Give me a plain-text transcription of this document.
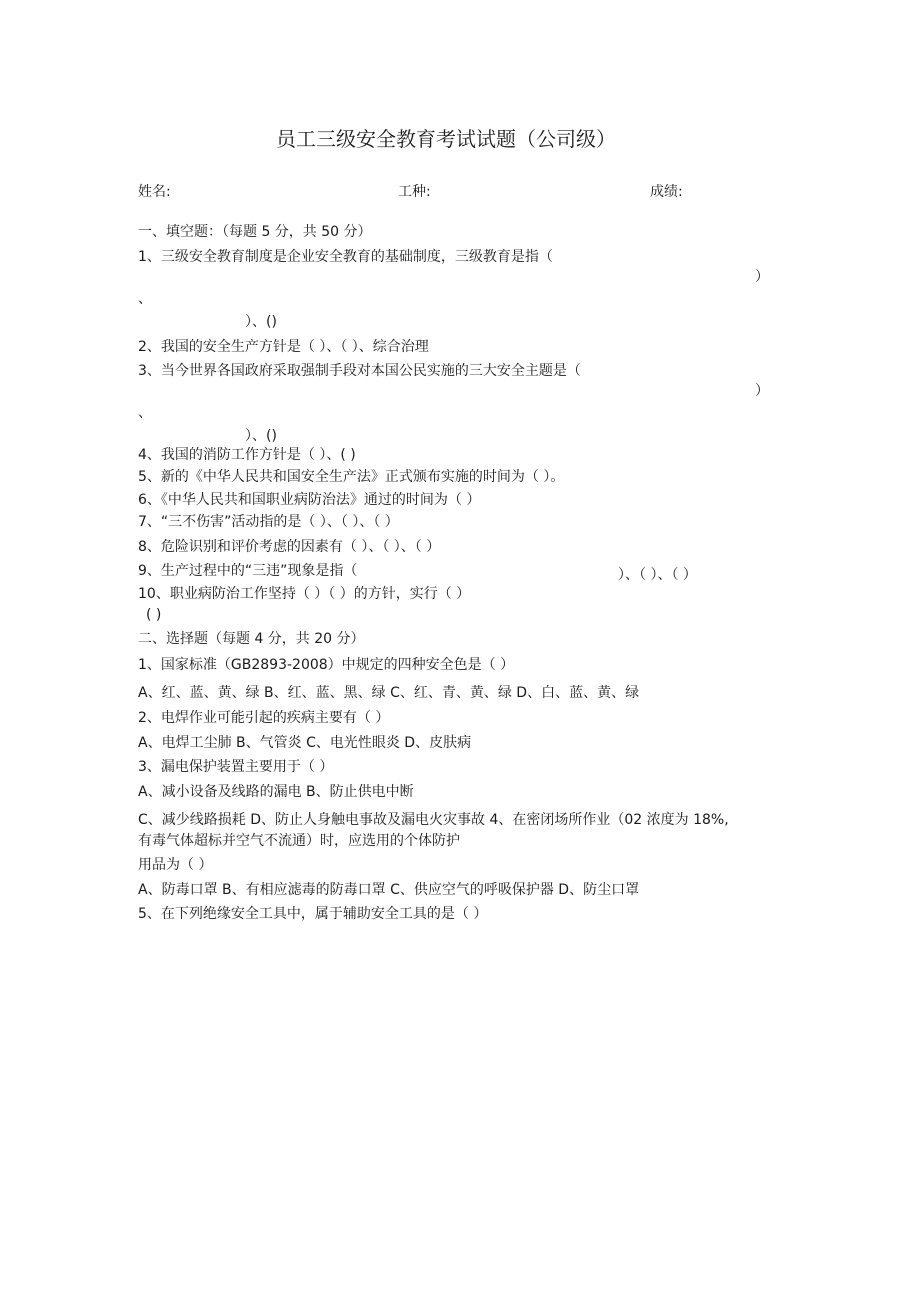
员工三级安全教育考试试题（公司级）
姓名:	工种:	成绩:
一、填空题：（每题 5 分，共 50 分）
1、三级安全教育制度是企业安全教育的基础制度，三级教育是指（
）
、
）、()
2、我国的安全生产方针是（ ）、（ ）、综合治理
3、当今世界各国政府采取强制手段对本国公民实施的三大安全主题是（
）
、
）、()
4、我国的消防工作方针是（ ）、( )
5、新的《中华人民共和国安全生产法》正式颁布实施的时间为（ ）。
6、《中华人民共和国职业病防治法》通过的时间为（ ）
7、“三不伤害”活动指的是（ ）、（ ）、（ ）
8、危险识别和评价考虑的因素有（ ）、（ ）、（ ）
9、生产过程中的“三违”现象是指（	）、（ ）、（ ）
10、职业病防治工作坚持（ ）（ ）的方针，实行（ ）
( )
二、选择题（每题 4 分，共 20 分）
1、国家标准（GB2893-2008）中规定的四种安全色是（ ）
A、红、蓝、黄、绿 B、红、蓝、黑、绿 C、红、青、黄、绿 D、白、蓝、黄、绿
2、电焊作业可能引起的疾病主要有（ ）
A、电焊工尘肺 B、气管炎 C、电光性眼炎 D、皮肤病
3、漏电保护装置主要用于（ ）
A、减小设备及线路的漏电 B、防止供电中断
C、减少线路损耗 D、防止人身触电事故及漏电火灾事故 4、在密闭场所作业（02 浓度为 18%,
有毒气体超标并空气不流通）时，应选用的个体防护
用品为（ ）
A、防毒口罩 B、有相应滤毒的防毒口罩 C、供应空气的呼吸保护器 D、防尘口罩
5、在下列绝缘安全工具中，属于辅助安全工具的是（ ）
